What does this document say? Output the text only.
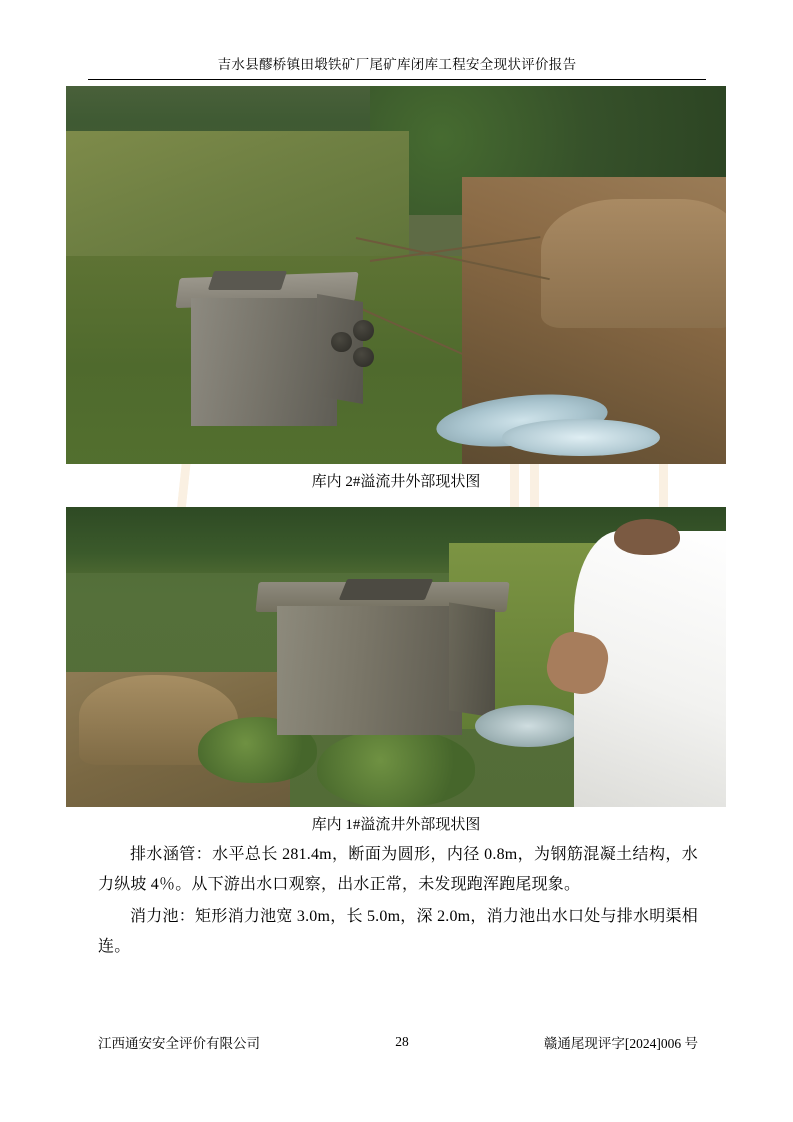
吉水县醪桥镇田塅铁矿厂尾矿库闭库工程安全现状评价报告
库内 2#溢流井外部现状图
库内 1#溢流井外部现状图

排水涵管：水平总长 281.4m，断面为圆形，内径 0.8m，为钢筋混凝土结构，水力纵坡 4％。从下游出水口观察，出水正常，未发现跑浑跑尾现象。

消力池：矩形消力池宽 3.0m，长 5.0m，深 2.0m，消力池出水口处与排水明渠相连。

江西通安安全评价有限公司	28	赣通尾现评字[2024]006 号
